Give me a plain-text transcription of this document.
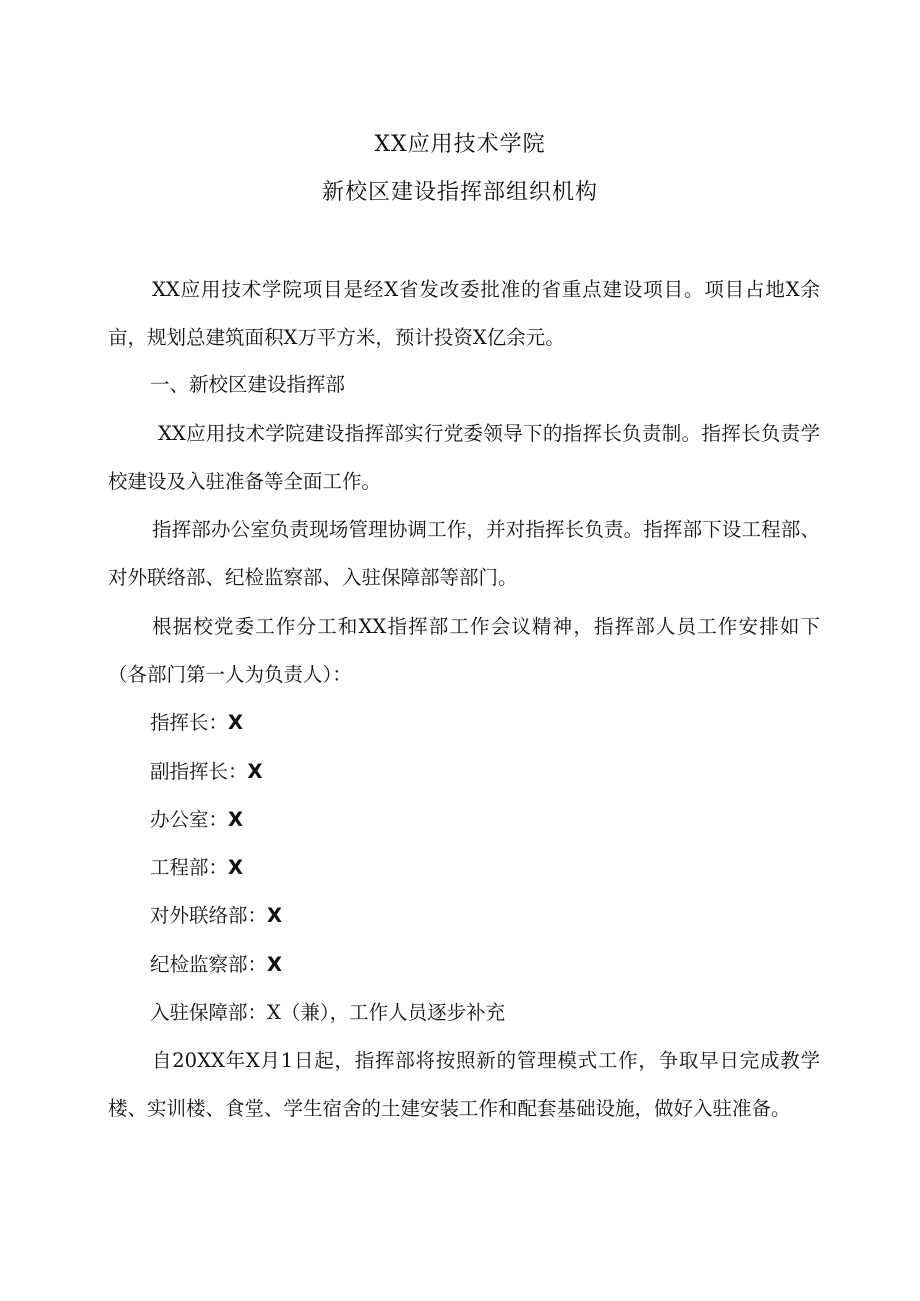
XX应用技术学院
新校区建设指挥部组织机构
XX应用技术学院项目是经X省发改委批准的省重点建设项目。项目占地X余亩，规划总建筑面积X万平方米，预计投资X亿余元。
一、新校区建设指挥部
XX应用技术学院建设指挥部实行党委领导下的指挥长负责制。指挥长负责学校建设及入驻准备等全面工作。
指挥部办公室负责现场管理协调工作，并对指挥长负责。指挥部下设工程部、对外联络部、纪检监察部、入驻保障部等部门。
根据校党委工作分工和XX指挥部工作会议精神，指挥部人员工作安排如下（各部门第一人为负责人）：
指挥长：X
副指挥长：X
办公室：X
工程部：X
对外联络部：X
纪检监察部：X
入驻保障部：X（兼），工作人员逐步补充
自20XX年X月1日起，指挥部将按照新的管理模式工作，争取早日完成教学楼、实训楼、食堂、学生宿舍的土建安装工作和配套基础设施，做好入驻准备。
